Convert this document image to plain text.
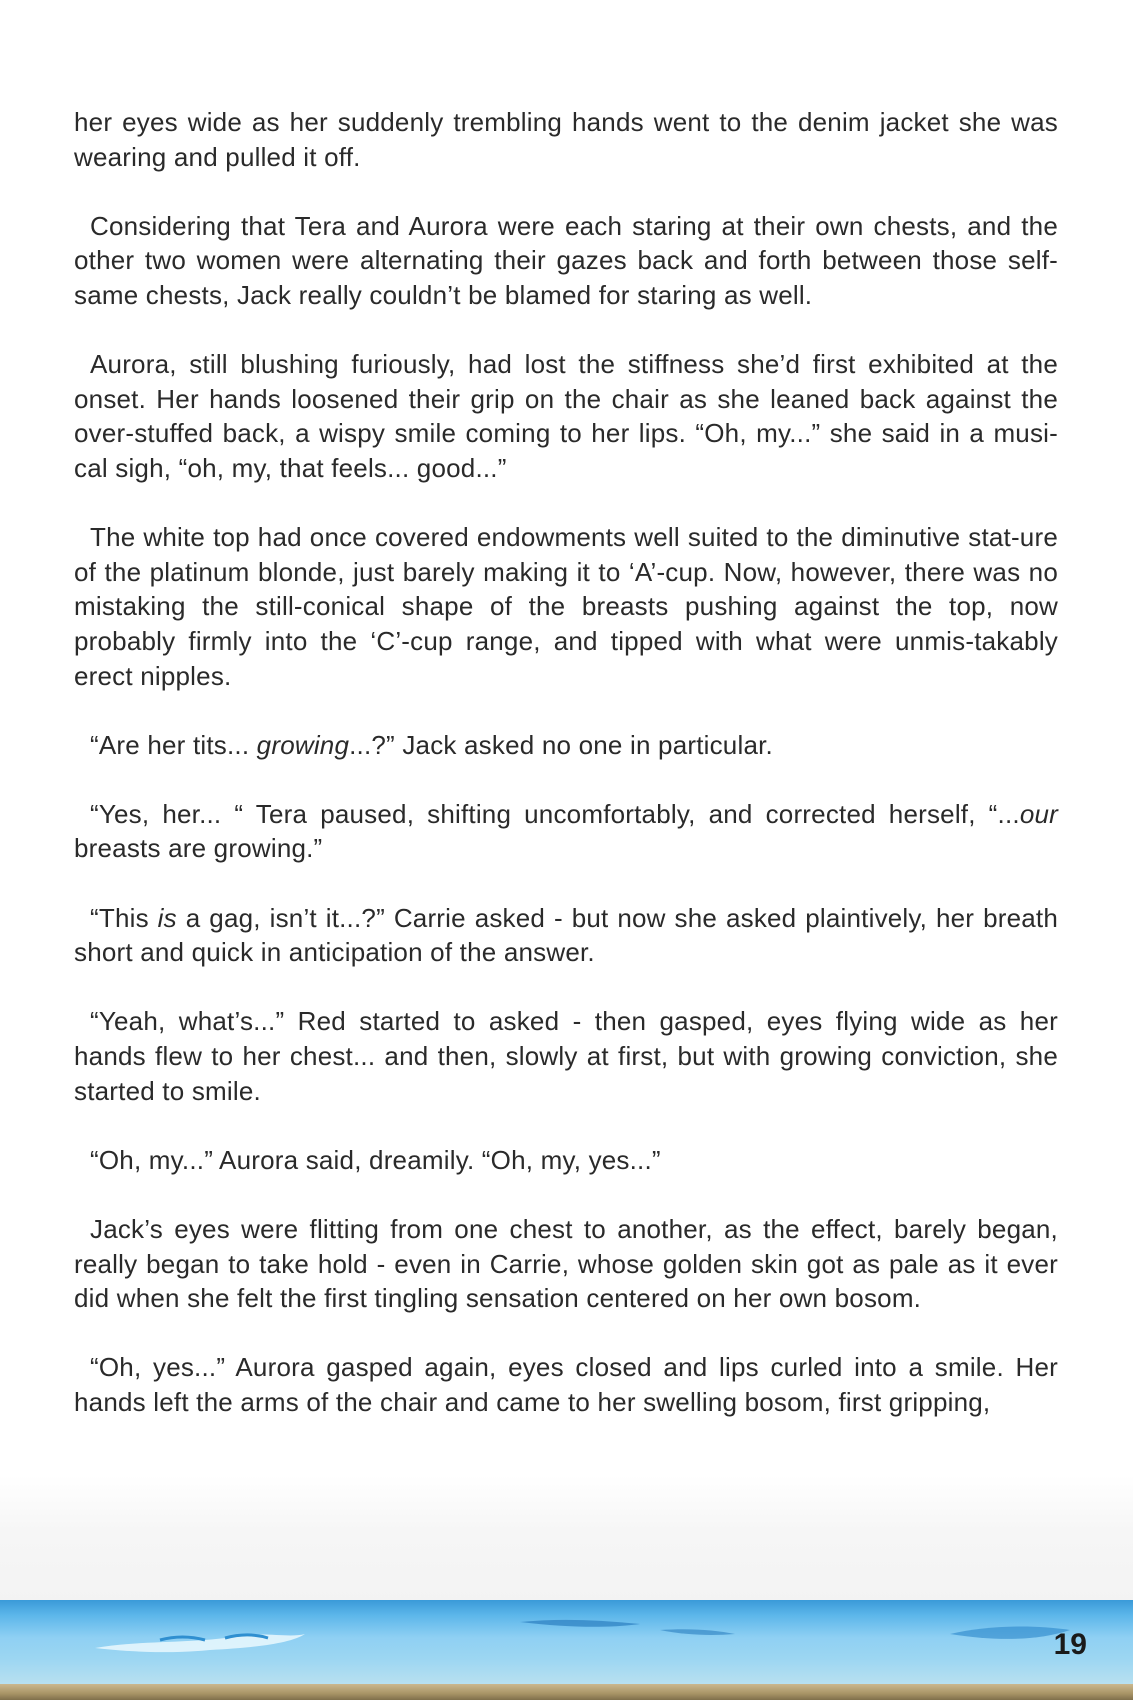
her eyes wide as her suddenly trembling hands went to the denim jacket she was wearing and pulled it off.

Considering that Tera and Aurora were each staring at their own chests, and the other two women were alternating their gazes back and forth between those self-same chests, Jack really couldn’t be blamed for staring as well.

Aurora, still blushing furiously, had lost the stiffness she’d first exhibited at the onset. Her hands loosened their grip on the chair as she leaned back against the over-stuffed back, a wispy smile coming to her lips. “Oh, my...” she said in a musi-cal sigh, “oh, my, that feels... good...”

The white top had once covered endowments well suited to the diminutive stat-ure of the platinum blonde, just barely making it to ‘A’-cup. Now, however, there was no mistaking the still-conical shape of the breasts pushing against the top, now probably firmly into the ‘C’-cup range, and tipped with what were unmis-takably erect nipples.

“Are her tits... growing...?” Jack asked no one in particular.

“Yes, her... “ Tera paused, shifting uncomfortably, and corrected herself, “...our breasts are growing.”

“This is a gag, isn’t it...?” Carrie asked - but now she asked plaintively, her breath short and quick in anticipation of the answer.

“Yeah, what’s...” Red started to asked - then gasped, eyes flying wide as her hands flew to her chest... and then, slowly at first, but with growing conviction, she started to smile.

“Oh, my...” Aurora said, dreamily. “Oh, my, yes...”

Jack’s eyes were flitting from one chest to another, as the effect, barely began, really began to take hold - even in Carrie, whose golden skin got as pale as it ever did when she felt the first tingling sensation centered on her own bosom.

“Oh, yes...” Aurora gasped again, eyes closed and lips curled into a smile. Her hands left the arms of the chair and came to her swelling bosom, first gripping,

19
